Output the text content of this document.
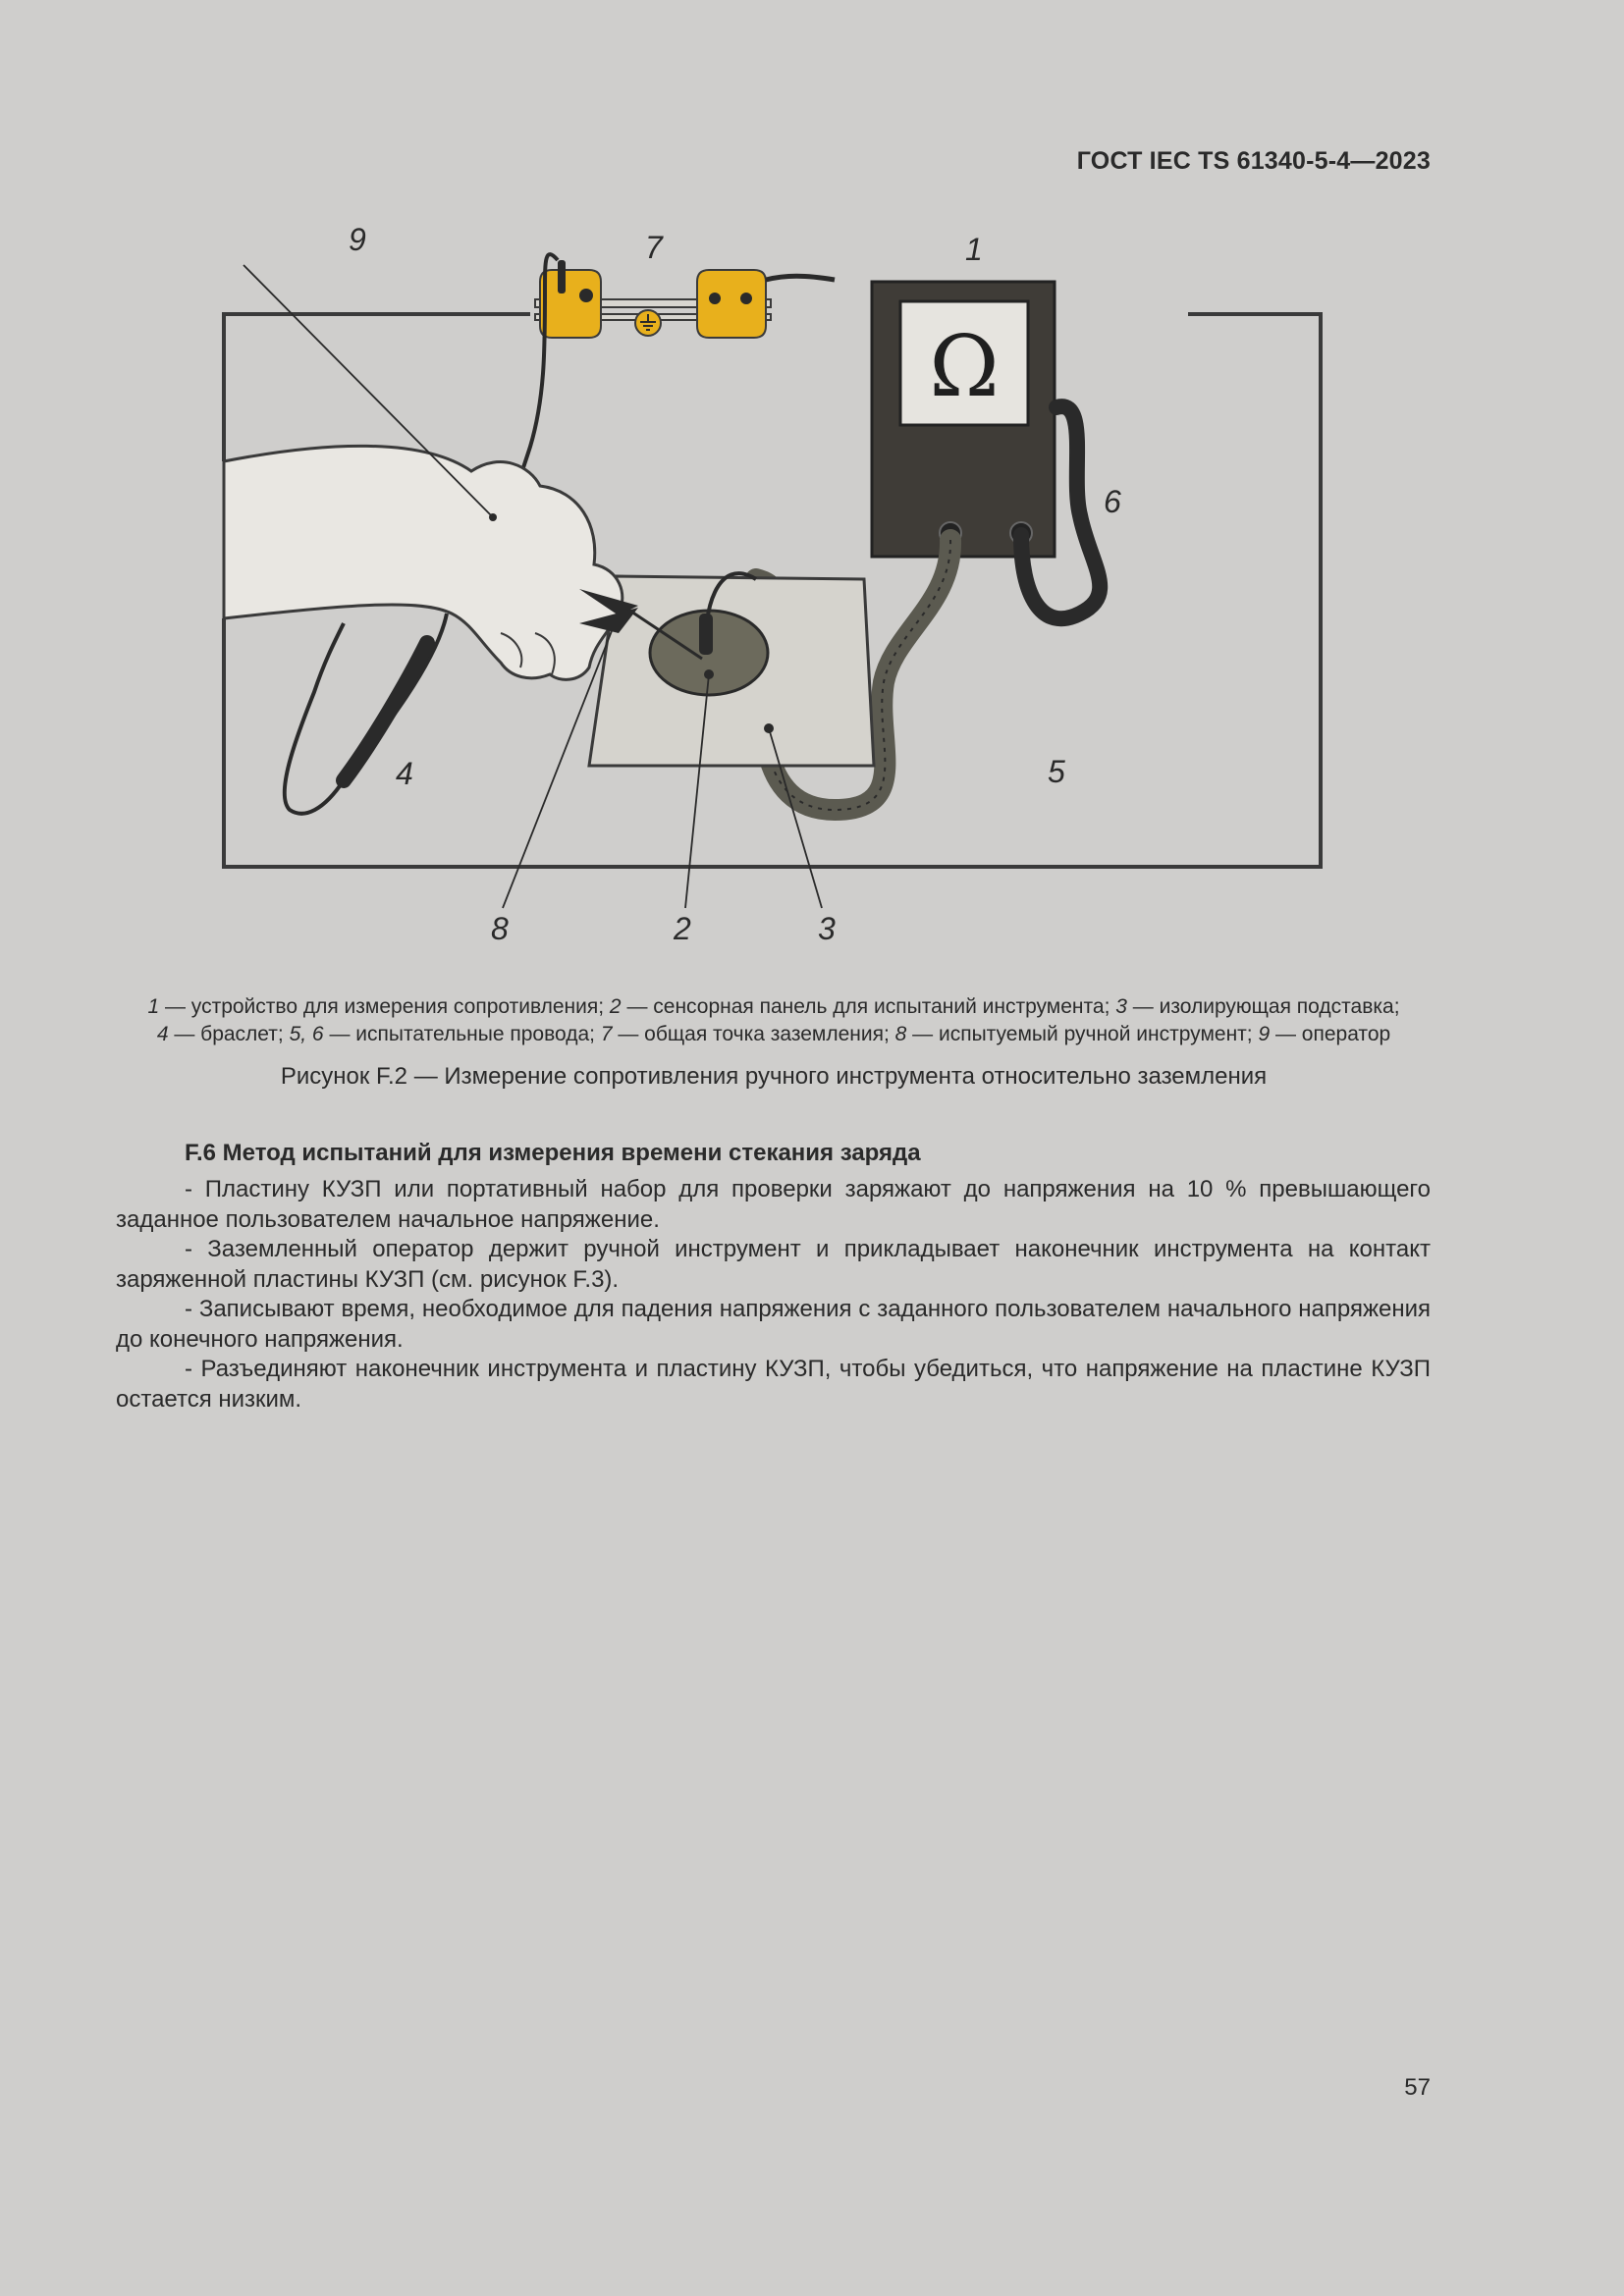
ГОСТ IEC TS 61340-5-4—2023
Ω
9	7	1
6
4	5
8	2	3
1 — устройство для измерения сопротивления; 2 — сенсорная панель для испытаний инструмента; 3 — изолирующая подставка;
4 — браслет; 5, 6 — испытательные провода; 7 — общая точка заземления; 8 — испытуемый ручной инструмент; 9 — оператор
Рисунок F.2 — Измерение сопротивления ручного инструмента относительно заземления
F.6 Метод испытаний для измерения времени стекания заряда

- Пластину КУЗП или портативный набор для проверки заряжают до напряжения на 10 % превышающего заданное пользователем начальное напряжение.

- Заземленный оператор держит ручной инструмент и прикладывает наконечник инструмента на контакт заряженной пластины КУЗП (см. рисунок F.3).

- Записывают время, необходимое для падения напряжения с заданного пользователем начального напряжения до конечного напряжения.

- Разъединяют наконечник инструмента и пластину КУЗП, чтобы убедиться, что напряжение на пластине КУЗП остается низким.

57
